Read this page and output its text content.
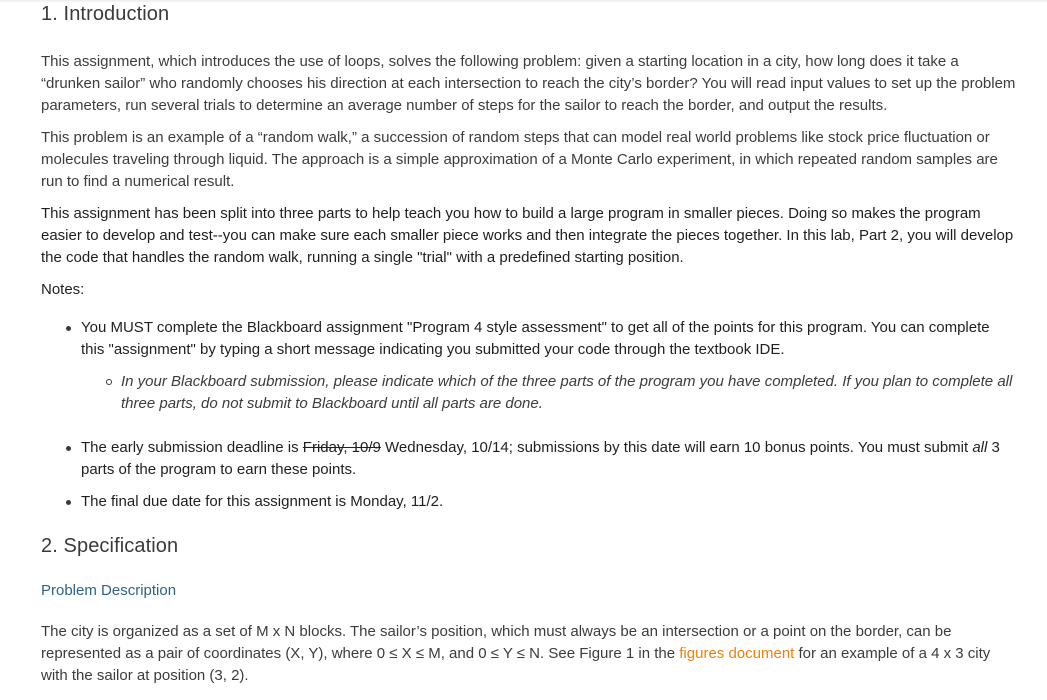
1. Introduction

This assignment, which introduces the use of loops, solves the following problem: given a starting location in a city, how long does it take a “drunken sailor” who randomly chooses his direction at each intersection to reach the city’s border? You will read input values to set up the problem parameters, run several trials to determine an average number of steps for the sailor to reach the border, and output the results.

This problem is an example of a “random walk,” a succession of random steps that can model real world problems like stock price fluctuation or molecules traveling through liquid. The approach is a simple approximation of a Monte Carlo experiment, in which repeated random samples are run to find a numerical result.

This assignment has been split into three parts to help teach you how to build a large program in smaller pieces. Doing so makes the program easier to develop and test--you can make sure each smaller piece works and then integrate the pieces together. In this lab, Part 2, you will develop the code that handles the random walk, running a single "trial" with a predefined starting position.

Notes:

You MUST complete the Blackboard assignment "Program 4 style assessment" to get all of the points for this program. You can complete this "assignment" by typing a short message indicating you submitted your code through the textbook IDE.
In your Blackboard submission, please indicate which of the three parts of the program you have completed. If you plan to complete all three parts, do not submit to Blackboard until all parts are done.
The early submission deadline is Friday, 10/9 Wednesday, 10/14; submissions by this date will earn 10 bonus points. You must submit all 3 parts of the program to earn these points.
The final due date for this assignment is Monday, 11/2.
2. Specification
Problem Description

The city is organized as a set of M x N blocks. The sailor’s position, which must always be an intersection or a point on the border, can be represented as a pair of coordinates (X, Y), where 0 ≤ X ≤ M, and 0 ≤ Y ≤ N. See Figure 1 in the figures document for an example of a 4 x 3 city with the sailor at position (3, 2).
